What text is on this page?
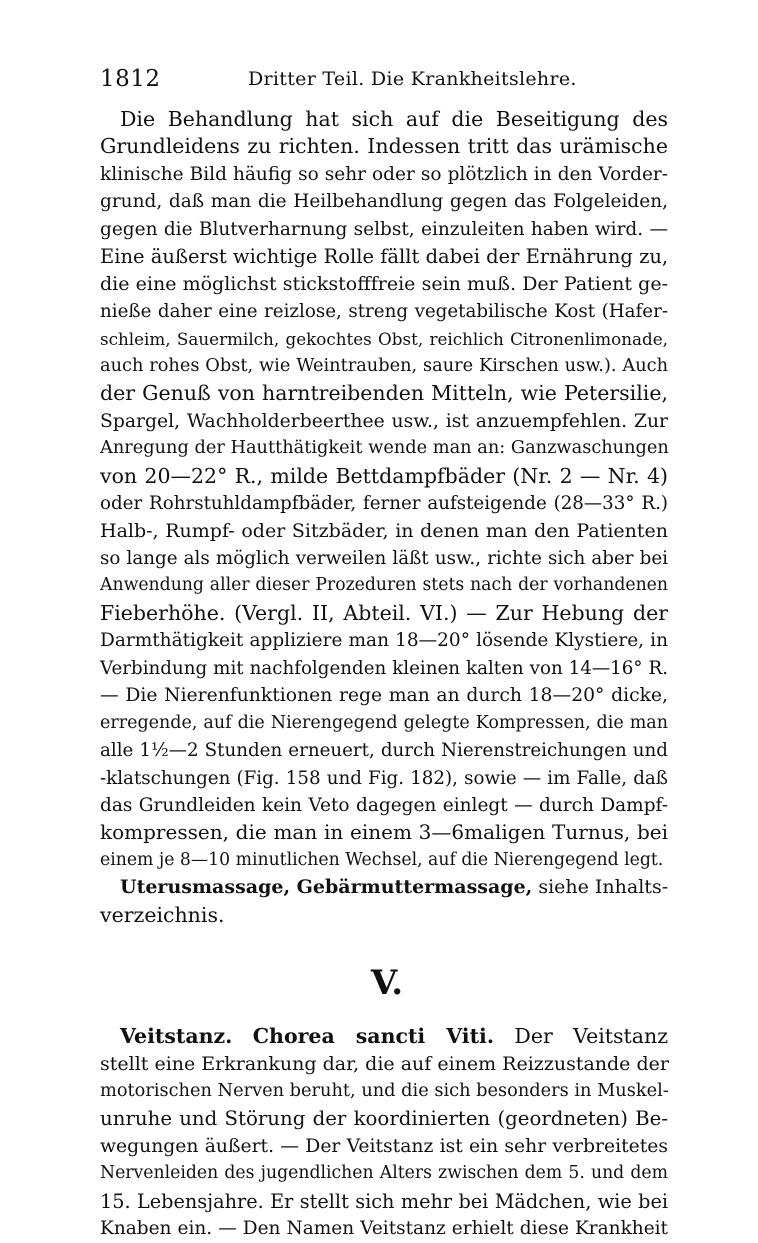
1812	Dritter Teil. Die Krankheitslehre.
Die Behandlung hat sich auf die Beseitigung des
Grundleidens zu richten. Indessen tritt das urämische
klinische Bild häufig so sehr oder so plötzlich in den Vorder-
grund, daß man die Heilbehandlung gegen das Folgeleiden,
gegen die Blutverharnung selbst, einzuleiten haben wird. —
Eine äußerst wichtige Rolle fällt dabei der Ernährung zu,
die eine möglichst stickstofffreie sein muß. Der Patient ge-
nieße daher eine reizlose, streng vegetabilische Kost (Hafer-
schleim, Sauermilch, gekochtes Obst, reichlich Citronenlimonade,
auch rohes Obst, wie Weintrauben, saure Kirschen usw.). Auch
der Genuß von harntreibenden Mitteln, wie Petersilie,
Spargel, Wachholderbeerthee usw., ist anzuempfehlen. Zur
Anregung der Hautthätigkeit wende man an: Ganzwaschungen
von 20—22° R., milde Bettdampfbäder (Nr. 2 — Nr. 4)
oder Rohrstuhldampfbäder, ferner aufsteigende (28—33° R.)
Halb-, Rumpf- oder Sitzbäder, in denen man den Patienten
so lange als möglich verweilen läßt usw., richte sich aber bei
Anwendung aller dieser Prozeduren stets nach der vorhandenen
Fieberhöhe. (Vergl. II, Abteil. VI.) — Zur Hebung der
Darmthätigkeit appliziere man 18—20° lösende Klystiere, in
Verbindung mit nachfolgenden kleinen kalten von 14—16° R.
— Die Nierenfunktionen rege man an durch 18—20° dicke,
erregende, auf die Nierengegend gelegte Kompressen, die man
alle 1½—2 Stunden erneuert, durch Nierenstreichungen und
-klatschungen (Fig. 158 und Fig. 182), sowie — im Falle, daß
das Grundleiden kein Veto dagegen einlegt — durch Dampf-
kompressen, die man in einem 3—6maligen Turnus, bei
einem je 8—10 minutlichen Wechsel, auf die Nierengegend legt.
Uterusmassage, Gebärmuttermassage, siehe Inhalts-
verzeichnis.
V.
Veitstanz. Chorea sancti Viti. Der Veitstanz
stellt eine Erkrankung dar, die auf einem Reizzustande der
motorischen Nerven beruht, und die sich besonders in Muskel-
unruhe und Störung der koordinierten (geordneten) Be-
wegungen äußert. — Der Veitstanz ist ein sehr verbreitetes
Nervenleiden des jugendlichen Alters zwischen dem 5. und dem
15. Lebensjahre. Er stellt sich mehr bei Mädchen, wie bei
Knaben ein. — Den Namen Veitstanz erhielt diese Krankheit
